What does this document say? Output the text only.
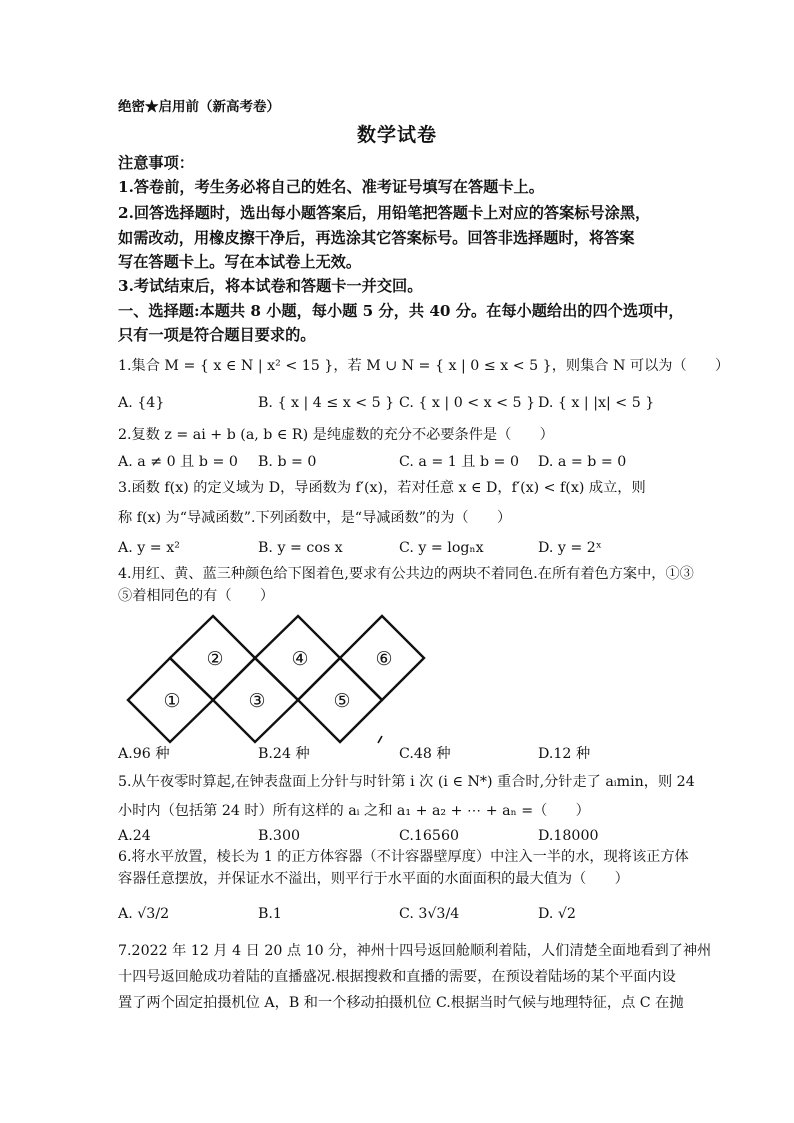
绝密★启用前（新高考卷）
数学试卷
注意事项：
1.答卷前，考生务必将自己的姓名、准考证号填写在答题卡上。
2.回答选择题时，选出每小题答案后，用铅笔把答题卡上对应的答案标号涂黑，
如需改动，用橡皮擦干净后，再选涂其它答案标号。回答非选择题时，将答案
写在答题卡上。写在本试卷上无效。
3.考试结束后，将本试卷和答题卡一并交回。
一、选择题:本题共 8 小题，每小题 5 分，共 40 分。在每小题给出的四个选项中，
只有一项是符合题目要求的。
1.集合 M = { x ∈ N | x² < 15 }，若 M ∪ N = { x | 0 ≤ x < 5 }，则集合 N 可以为（　　）
A. {4}	B. { x | 4 ≤ x < 5 } C. { x | 0 < x < 5 } D. { x | |x| < 5 }
2.复数 z = ai + b (a, b ∈ R) 是纯虚数的充分不必要条件是（　　）
A. a ≠ 0 且 b = 0 B. b = 0	C. a = 1 且 b = 0 D. a = b = 0
3.函数 f(x) 的定义域为 D，导函数为 f′(x)，若对任意 x ∈ D，f′(x) < f(x) 成立，则
称 f(x) 为“导减函数”.下列函数中，是“导减函数”的为（　　）
A. y = x²	B. y = cos x	C. y = logₙx	D. y = 2ˣ
4.用红、黄、蓝三种颜色给下图着色,要求有公共边的两块不着同色.在所有着色方案中，①③
⑤着相同色的有（　　）
①
②
③
④
⑤
⑥
A.96 种	B.24 种	C.48 种	D.12 种
5.从午夜零时算起,在钟表盘面上分针与时针第 i 次 (i ∈ N*) 重合时,分针走了 aᵢmin，则 24
小时内（包括第 24 时）所有这样的 aᵢ 之和 a₁ + a₂ + ⋯ + aₙ =（　　）
A.24	B.300	C.16560	D.18000
6.将水平放置，棱长为 1 的正方体容器（不计容器壁厚度）中注入一半的水，现将该正方体
容器任意摆放，并保证水不溢出，则平行于水平面的水面面积的最大值为（　　）
A. √3/2	B.1	C. 3√3/4	D. √2
7.2022 年 12 月 4 日 20 点 10 分，神州十四号返回舱顺利着陆，人们清楚全面地看到了神州
十四号返回舱成功着陆的直播盛况.根据搜救和直播的需要，在预设着陆场的某个平面内设
置了两个固定拍摄机位 A，B 和一个移动拍摄机位 C.根据当时气候与地理特征，点 C 在抛
